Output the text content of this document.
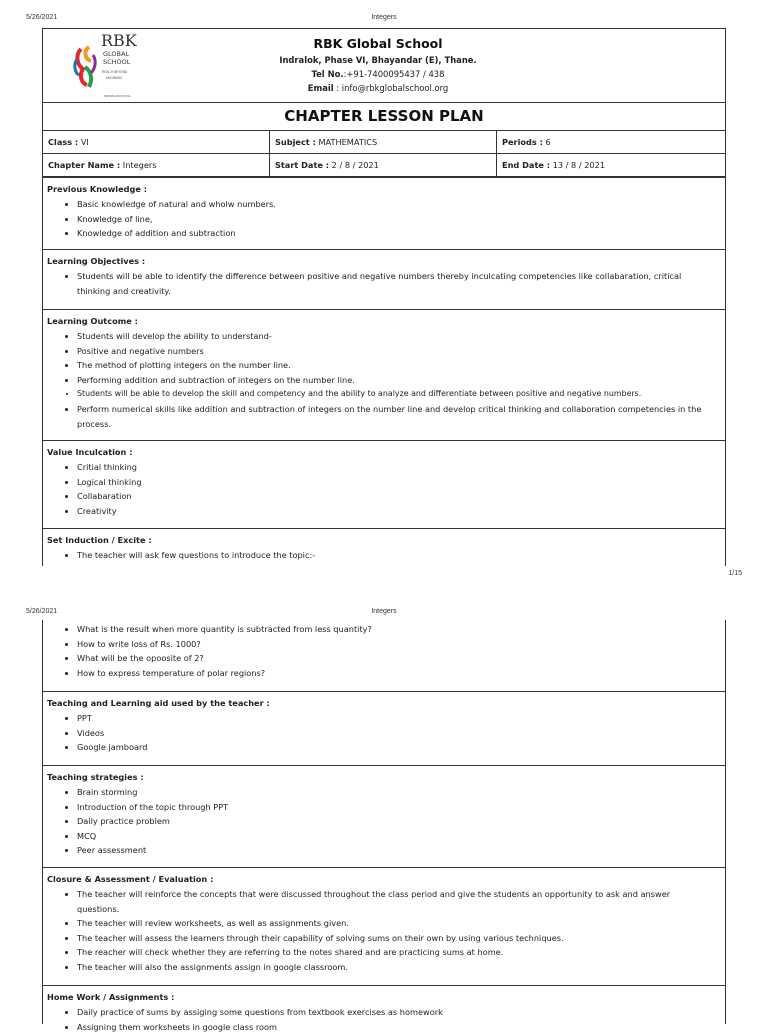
5/26/2021	Integers
RBK
GLOBAL
SCHOOL
REACH BEYOND
KNOWING
IBWORLDSCHOOL
RBK Global School
Indralok, Phase VI, Bhayandar (E), Thane.
Tel No.:+91-7400095437 / 438
Email : info@rbkglobalschool.org
CHAPTER LESSON PLAN
Class : VI	Subject : MATHEMATICS	Periods : 6
Chapter Name : Integers	Start Date : 2 / 8 / 2021	End Date : 13 / 8 / 2021
Previous Knowledge :
• Basic knowledge of natural and wholw numbers.
• Knowledge of line,
• Knowledge of addition and subtraction
Learning Objectives :
• Students will be able to identify the difference between positive and negative numbers thereby inculcating competencies like collabaration, critical thinking and creativity.
Learning Outcome :
• Students will develop the ability to understand-
• Positive and negative numbers
• The method of plotting integers on the number line.
• Performing addition and subtraction of integers on the number line.
• Students will be able to develop the skill and competency and the ability to analyze and differentiate between positive and negative numbers.
• Perform numerical skills like addition and subtraction of integers on the number line and develop critical thinking and collaboration competencies in the process.
Value Inculcation :
• Critial thinking
• Logical thinking
• Collabaration
• Creativity
Set Induction / Excite :
• The teacher will ask few questions to introduce the topic:-
1/15
5/26/2021	Integers
• What is the result when more quantity is subtracted from less quantity?
• How to write loss of Rs. 1000?
• What will be the opoosite of 2?
• How to express temperature of polar regions?
Teaching and Learning aid used by the teacher :
• PPT
• Videos
• Google jamboard
Teaching strategies :
• Brain storming
• Introduction of the topic through PPT
• Daily practice problem
• MCQ
• Peer assessment
Closure & Assessment / Evaluation :
• The teacher will reinforce the concepts that were discussed throughout the class period and give the students an opportunity to ask and answer questions.
• The teacher will review worksheets, as well as assignments given.
• The teacher will assess the learners through their capability of solving sums on their own by using various techniques.
• The reacher will check whether they are referring to the notes shared and are practicing sums at home.
• The teacher will also the assignments assign in google classroom.
Home Work / Assignments :
• Daily practice of sums by assiging some questions from textbook exercises as homework
• Assigning them worksheets in google class room
